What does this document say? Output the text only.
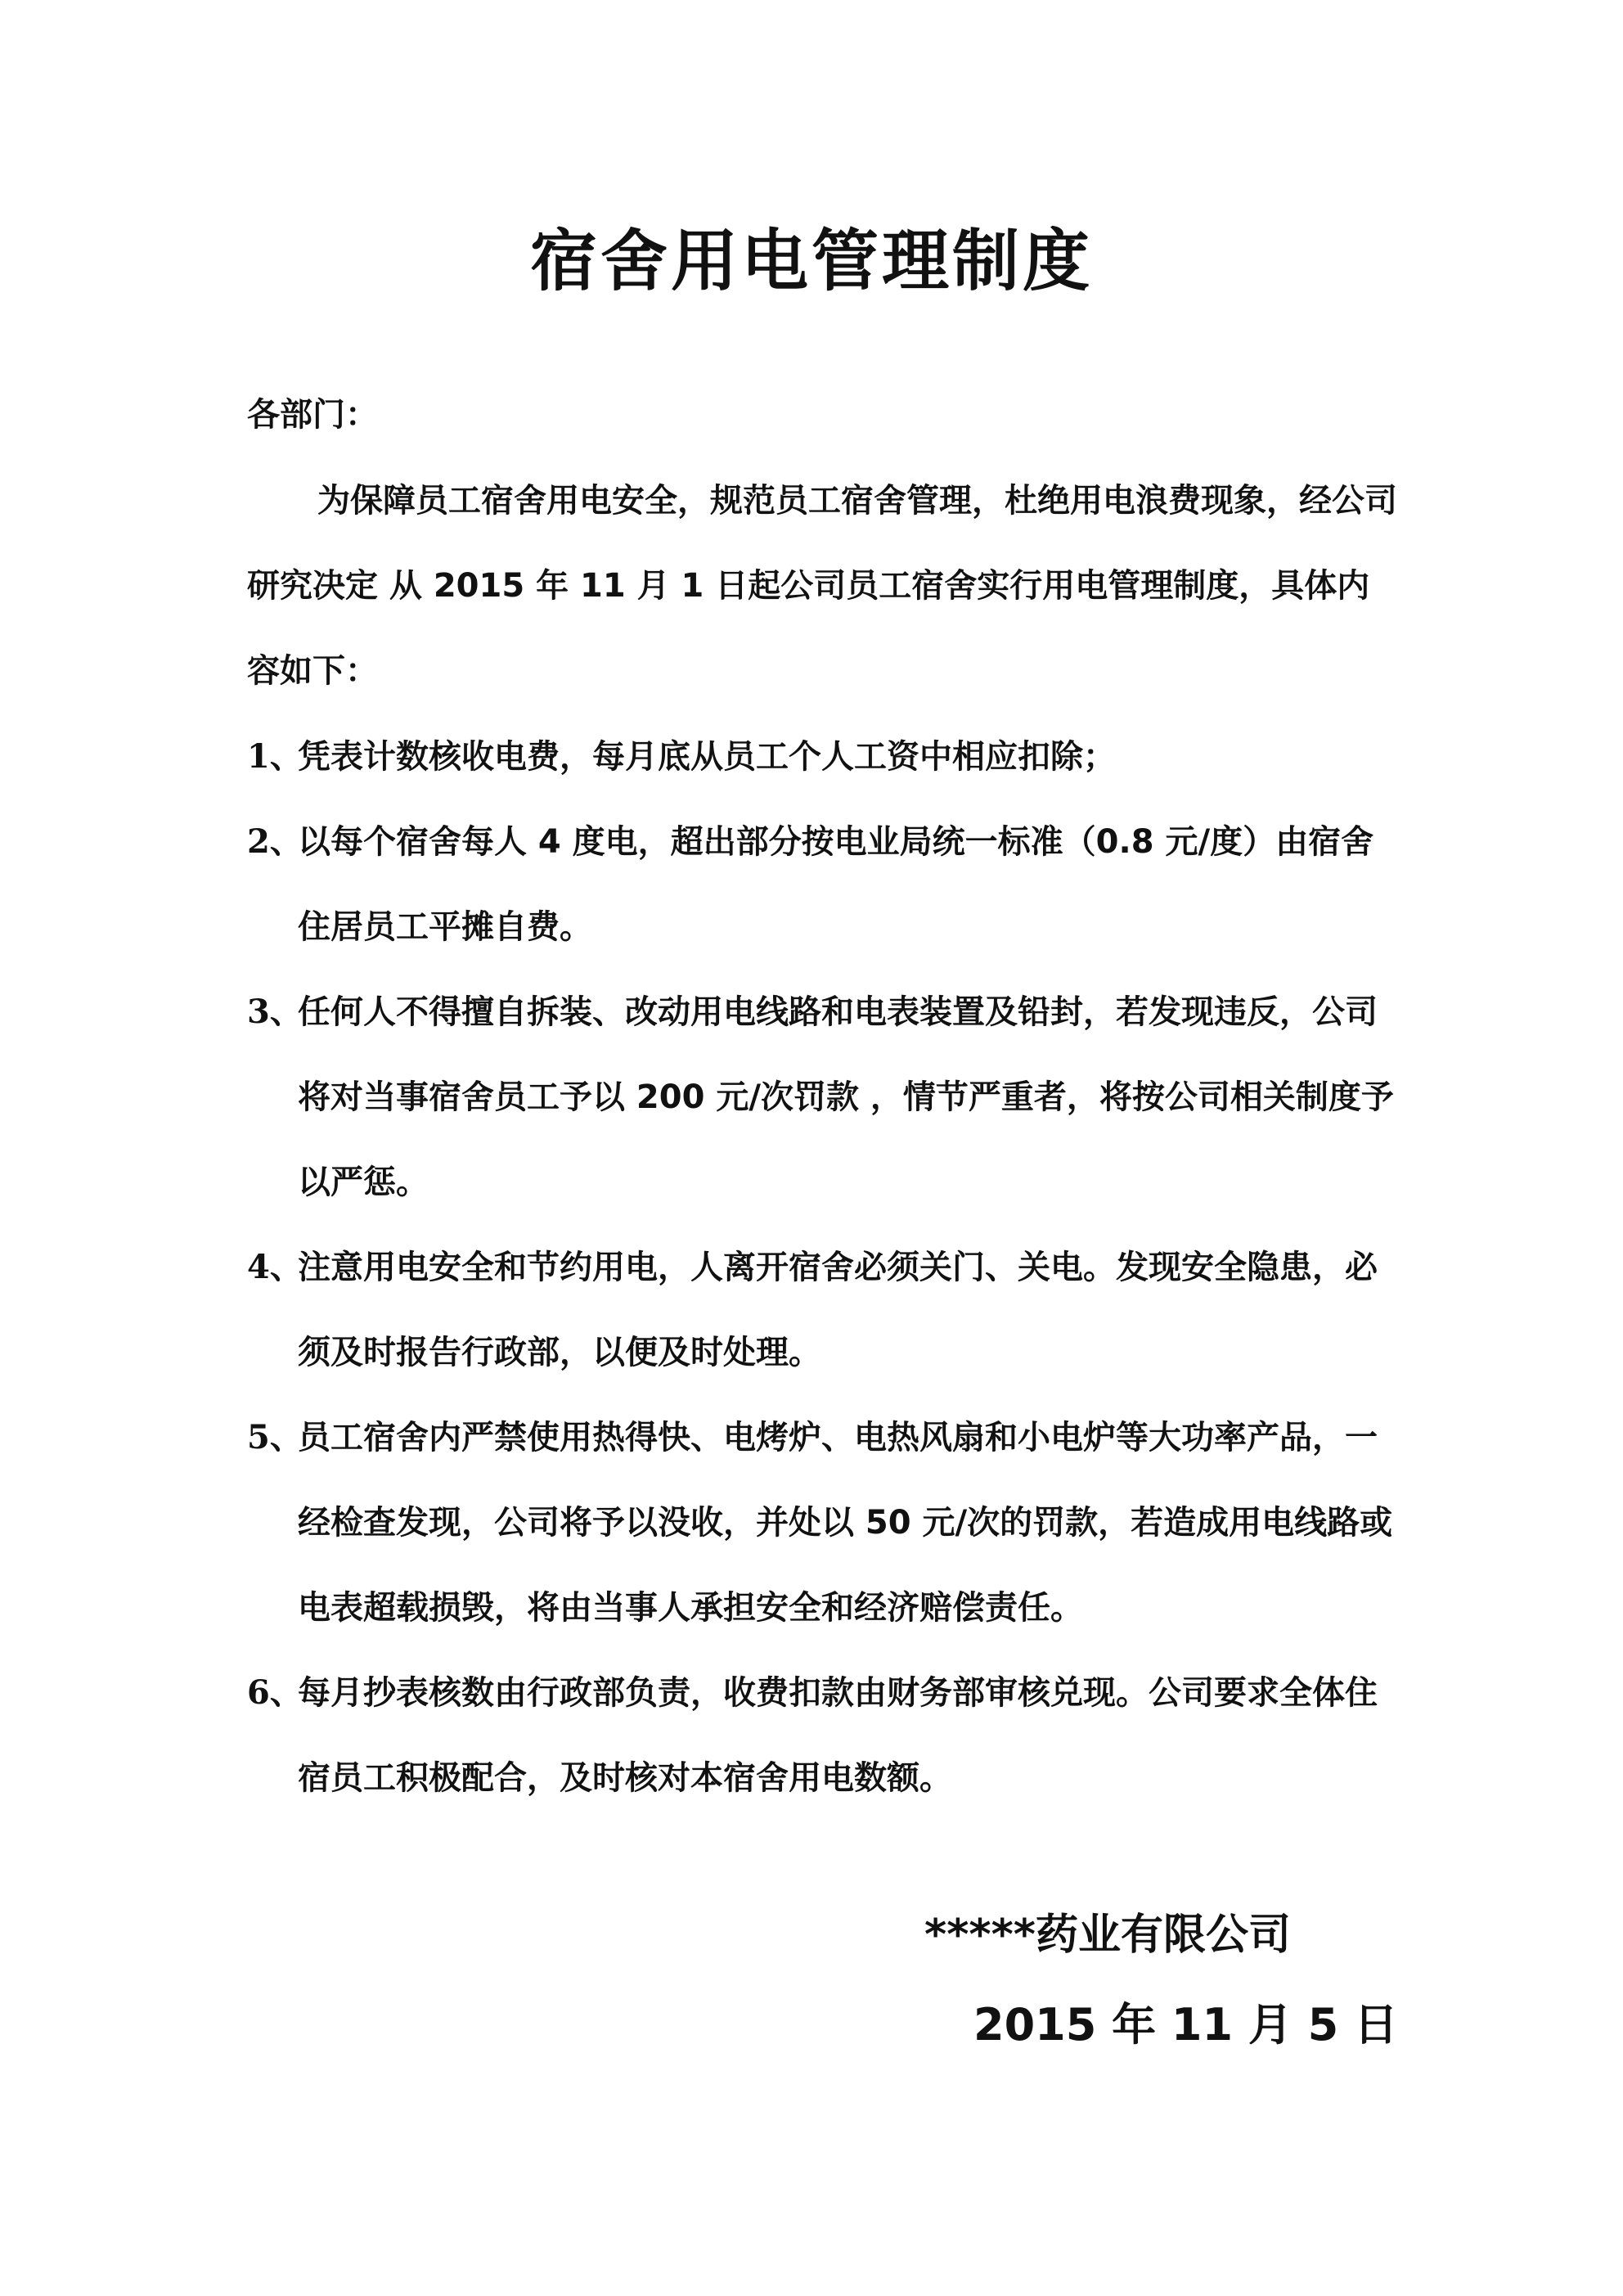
宿舍用电管理制度
各部门：
为保障员工宿舍用电安全，规范员工宿舍管理，杜绝用电浪费现象，经公司研究决定 从 2015 年 11 月 1 日起公司员工宿舍实行用电管理制度，具体内容如下：
1、
凭表计数核收电费，每月底从员工个人工资中相应扣除；
2、
以每个宿舍每人 4 度电，超出部分按电业局统一标准（0.8 元/度）由宿舍住居员工平摊自费。
3、
任何人不得擅自拆装、改动用电线路和电表装置及铅封，若发现违反，公司将对当事宿舍员工予以 200 元/次罚款 ，情节严重者，将按公司相关制度予以严惩。
4、
注意用电安全和节约用电，人离开宿舍必须关门、关电。发现安全隐患，必须及时报告行政部，以便及时处理。
5、
员工宿舍内严禁使用热得快、电烤炉、电热风扇和小电炉等大功率产品，一经检查发现，公司将予以没收，并处以 50 元/次的罚款，若造成用电线路或电表超载损毁，将由当事人承担安全和经济赔偿责任。
6、
每月抄表核数由行政部负责，收费扣款由财务部审核兑现。公司要求全体住宿员工积极配合，及时核对本宿舍用电数额。
*****药业有限公司
2015 年 11 月 5 日
